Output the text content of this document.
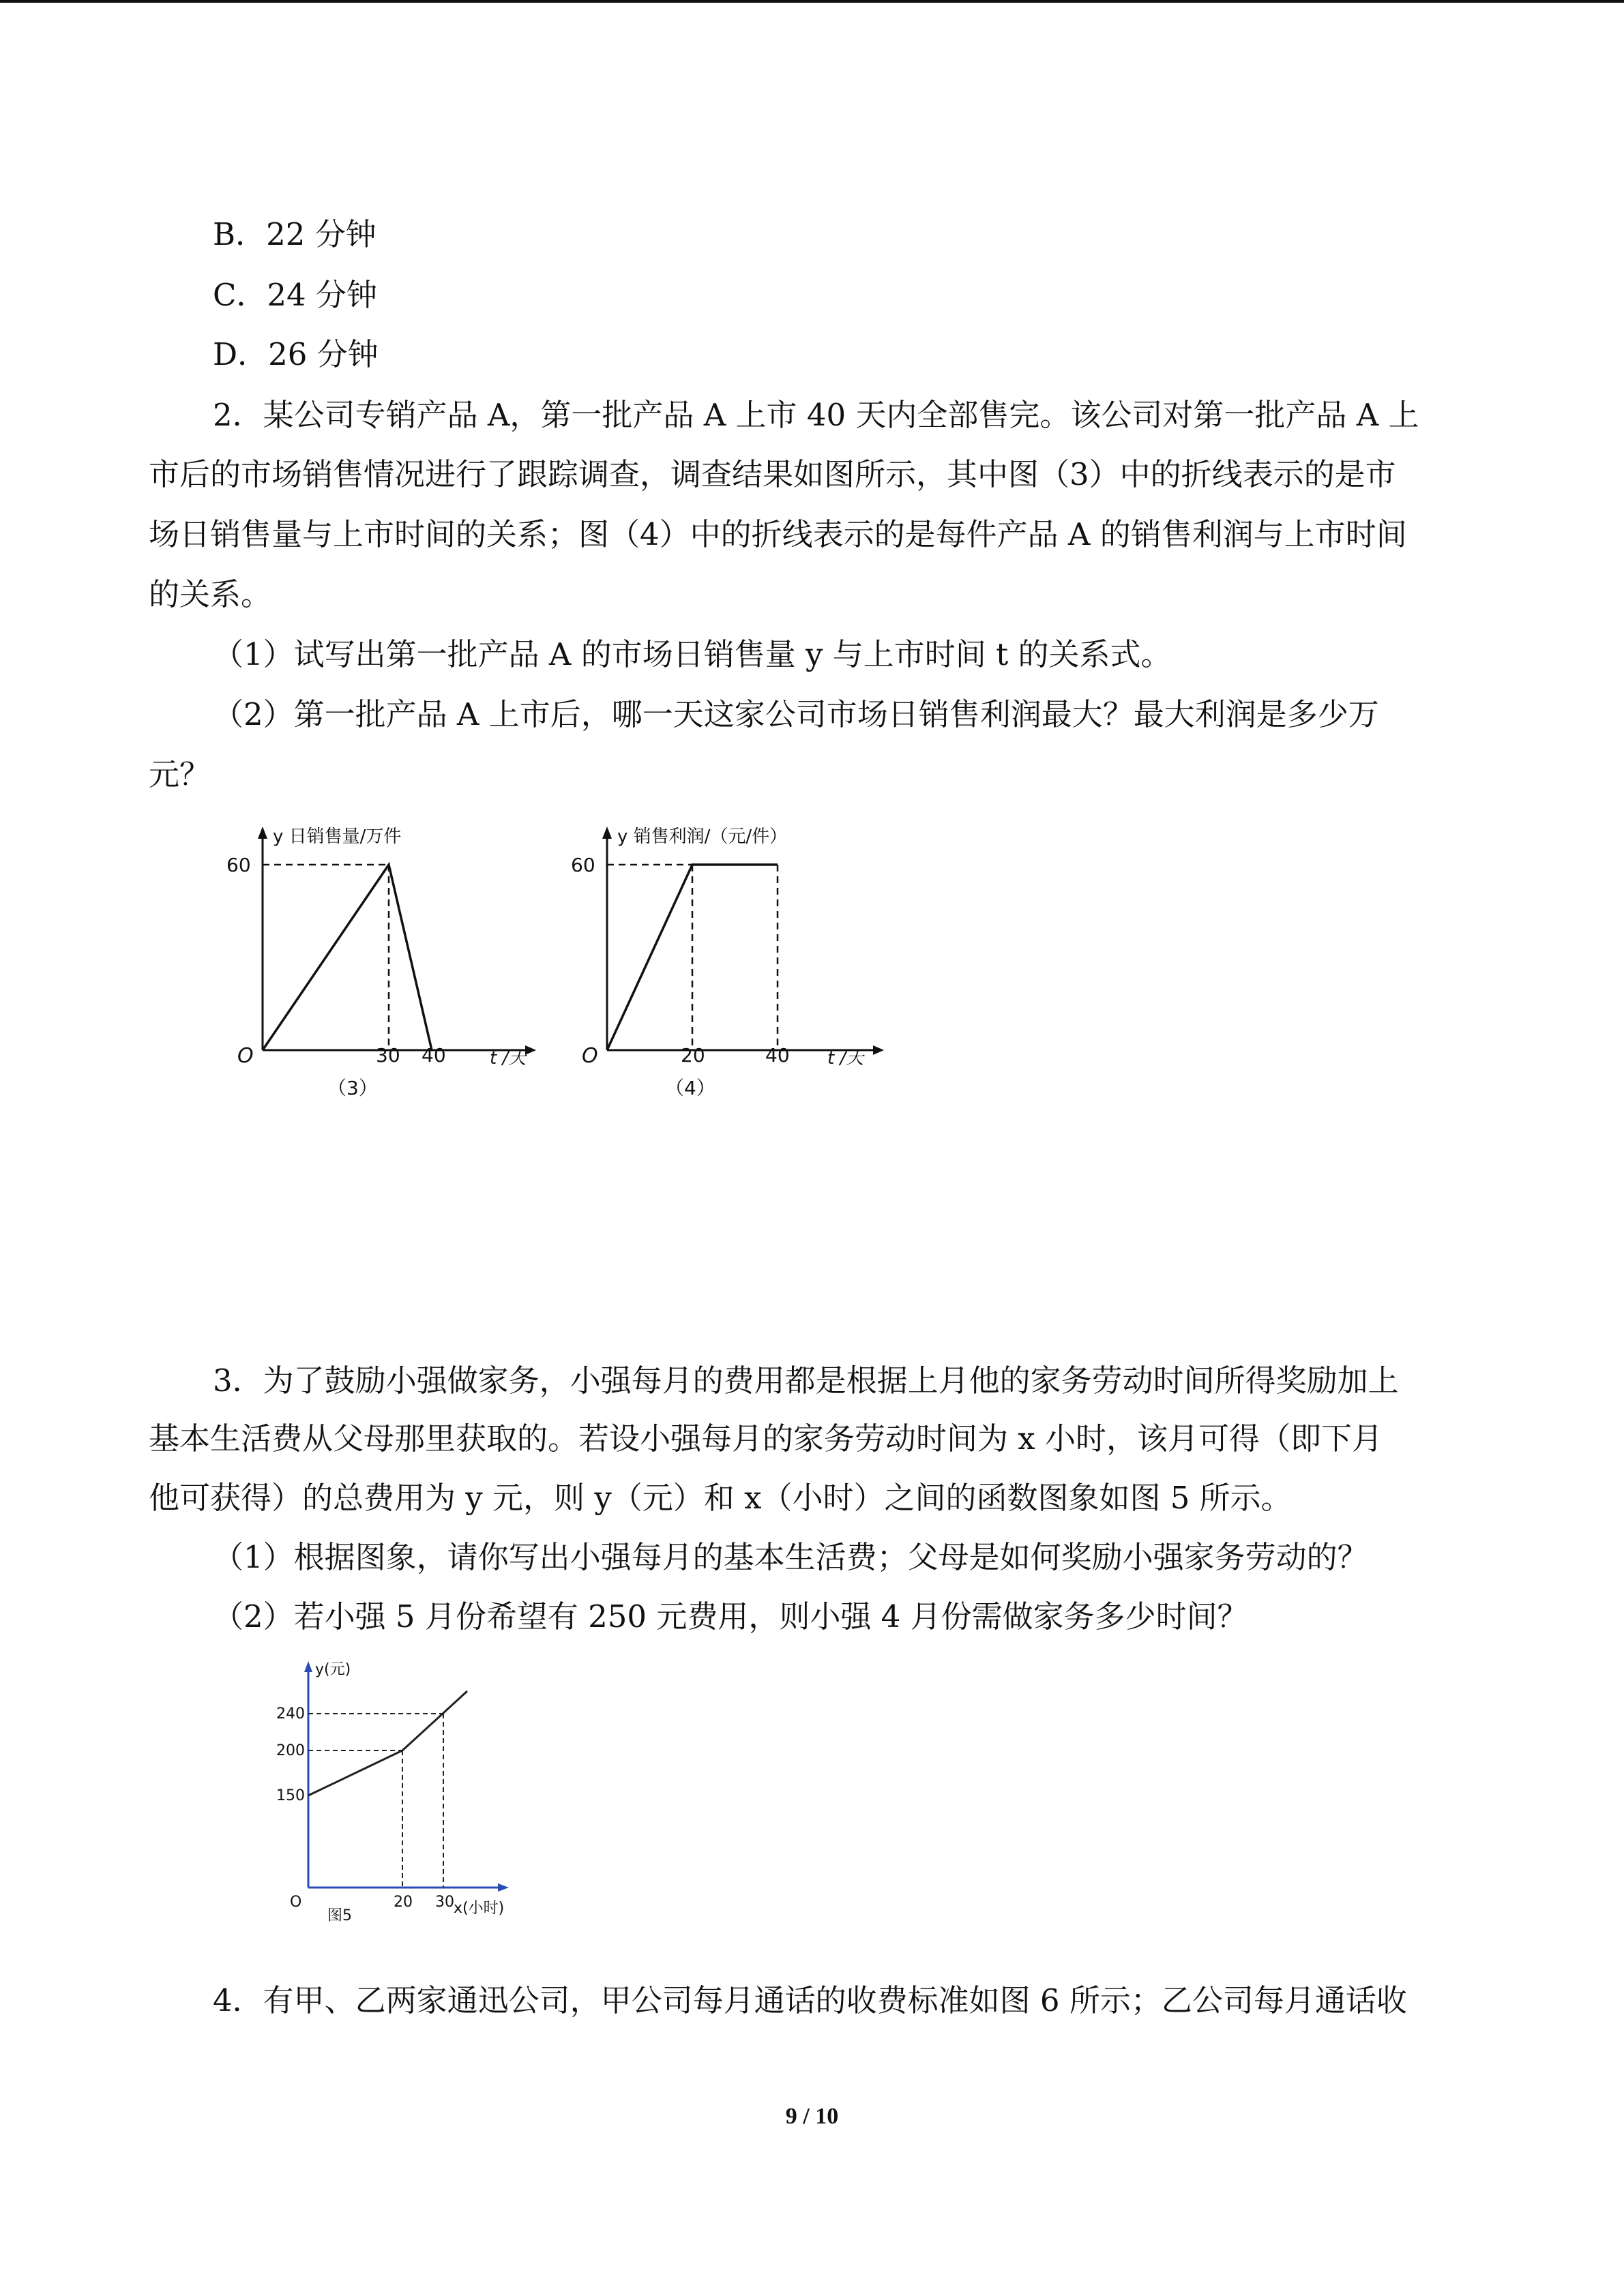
B．22 分钟
C．24 分钟
D．26 分钟
2．某公司专销产品 A，第一批产品 A 上市 40 天内全部售完。该公司对第一批产品 A 上
市后的市场销售情况进行了跟踪调查，调查结果如图所示，其中图（3）中的折线表示的是市
场日销售量与上市时间的关系；图（4）中的折线表示的是每件产品 A 的销售利润与上市时间
的关系。
（1）试写出第一批产品 A 的市场日销售量 y 与上市时间 t 的关系式。
（2）第一批产品 A 上市后，哪一天这家公司市场日销售利润最大？最大利润是多少万
元？
y 日销售量/万件
60
O	30 40 t /天
（3）
y 销售利润/（元/件）
60
O	20	40 t /天
（4）
3．为了鼓励小强做家务，小强每月的费用都是根据上月他的家务劳动时间所得奖励加上
基本生活费从父母那里获取的。若设小强每月的家务劳动时间为 x 小时，该月可得（即下月
他可获得）的总费用为 y 元，则 y（元）和 x（小时）之间的函数图象如图 5 所示。
（1）根据图象，请你写出小强每月的基本生活费；父母是如何奖励小强家务劳动的？
（2）若小强 5 月份希望有 250 元费用，则小强 4 月份需做家务多少时间？
y(元)
240
200
150
O
图5
20 30 x(小时)
4．有甲、乙两家通迅公司，甲公司每月通话的收费标准如图 6 所示；乙公司每月通话收
9 / 10
